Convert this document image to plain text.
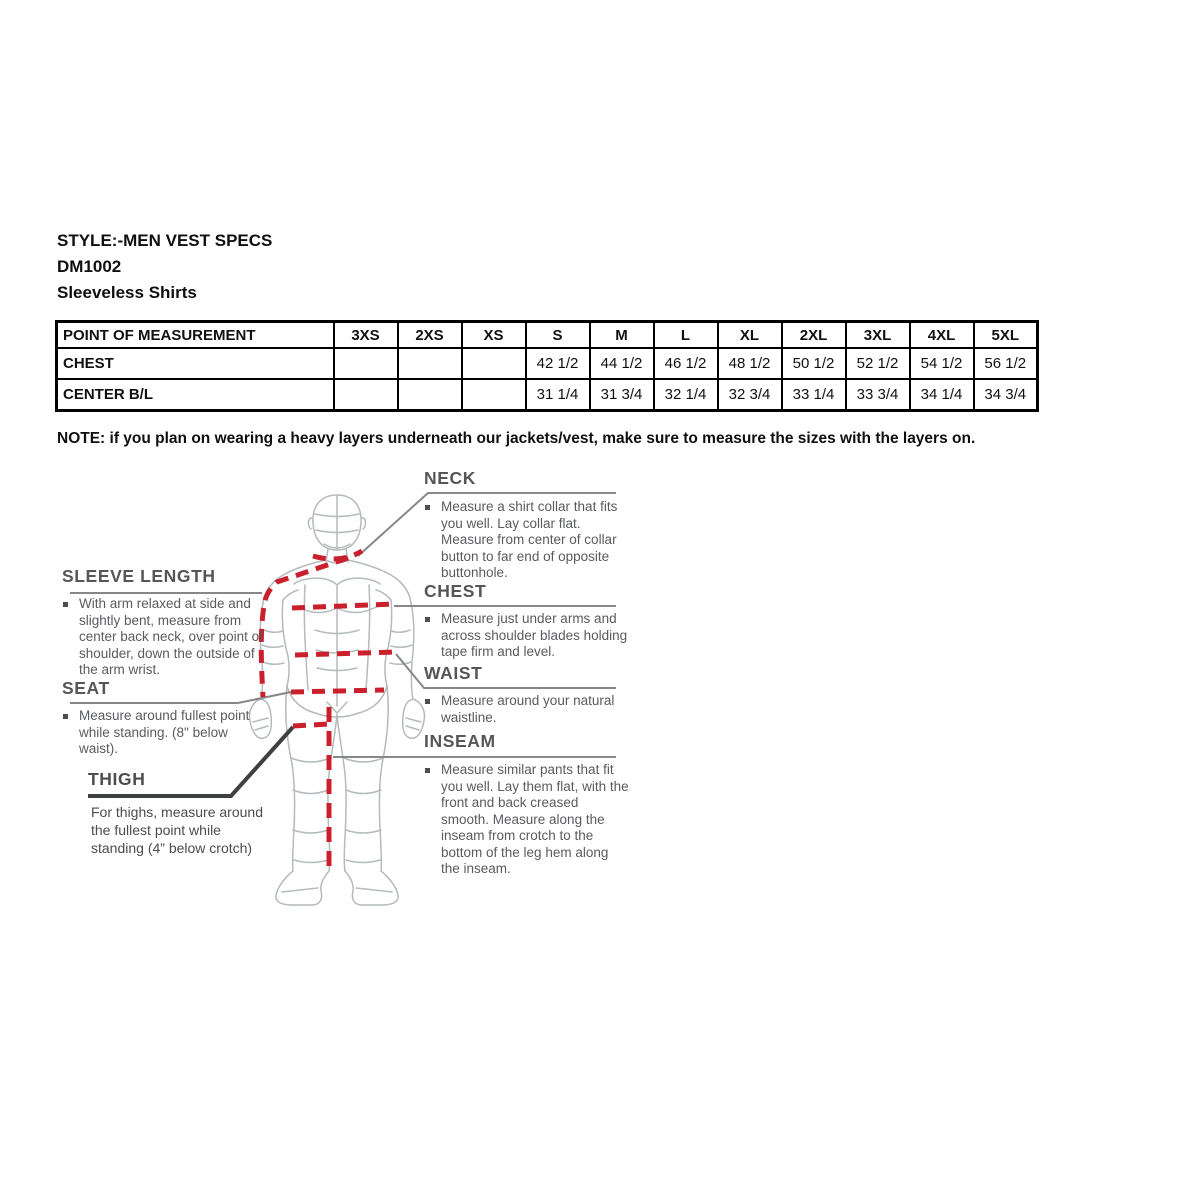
STYLE:-MEN VEST SPECS
DM1002
Sleeveless Shirts
POINT OF MEASUREMENT	3XS	2XS	XS	S	M	L	XL	2XL	3XL	4XL	5XL
CHEST				42 1/2	44 1/2	46 1/2	48 1/2	50 1/2	52 1/2	54 1/2	56 1/2
CENTER B/L				31 1/4	31 3/4	32 1/4	32 3/4	33 1/4	33 3/4	34 1/4	34 3/4
NOTE: if you plan on wearing a heavy layers underneath our jackets/vest, make sure to measure the sizes with the layers on.
NECK
Measure a shirt collar that fits you well. Lay collar flat. Measure from center of collar button to far end of opposite buttonhole.
CHEST
Measure just under arms and across shoulder blades holding tape firm and level.
WAIST
Measure around your natural waistline.
INSEAM
Measure similar pants that fit you well. Lay them flat, with the front and back creased smooth. Measure along the inseam from crotch to the bottom of the leg hem along the inseam.
SLEEVE LENGTH
With arm relaxed at side and slightly bent, measure from center back neck, over point of shoulder, down the outside of the arm wrist.
SEAT
Measure around fullest point while standing. (8" below waist).
THIGH
For thighs, measure around the fullest point while standing (4” below crotch)
